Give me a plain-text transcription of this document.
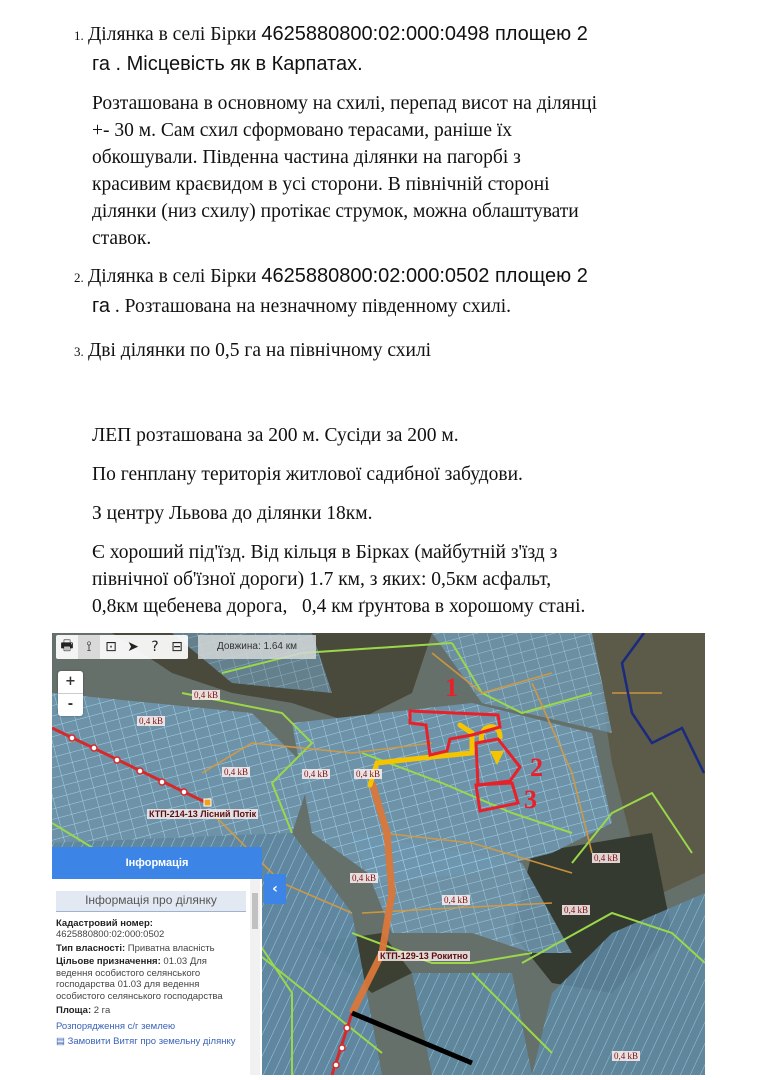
1. Ділянка в селі Бірки 4625880800:02:000:0498 площею 2
га . Місцевість як в Карпатах.
Розташована в основному на схилі, перепад висот на ділянці
+- 30 м. Сам схил сформовано терасами, раніше їх
обкошували. Південна частина ділянки на пагорбі з
красивим краєвидом в усі сторони. В північній стороні
ділянки (низ схилу) протікає струмок, можна облаштувати
ставок.
2. Ділянка в селі Бірки 4625880800:02:000:0502 площею 2
га . Розташована на незначному південному схилі.
3. Дві ділянки по 0,5 га на північному схилі
ЛЕП розташована за 200 м. Сусіди за 200 м.
По генплану територія житлової садибної забудови.
З центру Львова до ділянки 18км.
Є хороший під'їзд. Від кільця в Бірках (майбутній з'їзд з
північної об'їзної дороги) 1.7 км, з яких: 0,5км асфальт,
0,8км щебенева дорога,   0,4 км ґрунтова в хорошому стані.
1
2
3
0,4 kB
0,4 kB
0,4 kB	0,4 kB	0,4 kB
0,4 kB
0,4 kB
0,4 kB
0,4 kB
0,4 kB
КТП-214-13 Лісний Потік
КТП-129-13 Рокитно
🖶 ⟟ ⊡ ➤ ? ⊟	Довжина: 1.64 км
+
-
Інформація
Інформація про ділянку
Кадастровий номер:
4625880800:02:000:0502
Тип власності: Приватна власність
Цільове призначення: 01.03 Для ведення особистого селянського господарства 01.03 для ведення особистого селянського господарства
Площа: 2 га
Розпорядження с/г землею
▤ Замовити Витяг про земельну ділянку
‹
